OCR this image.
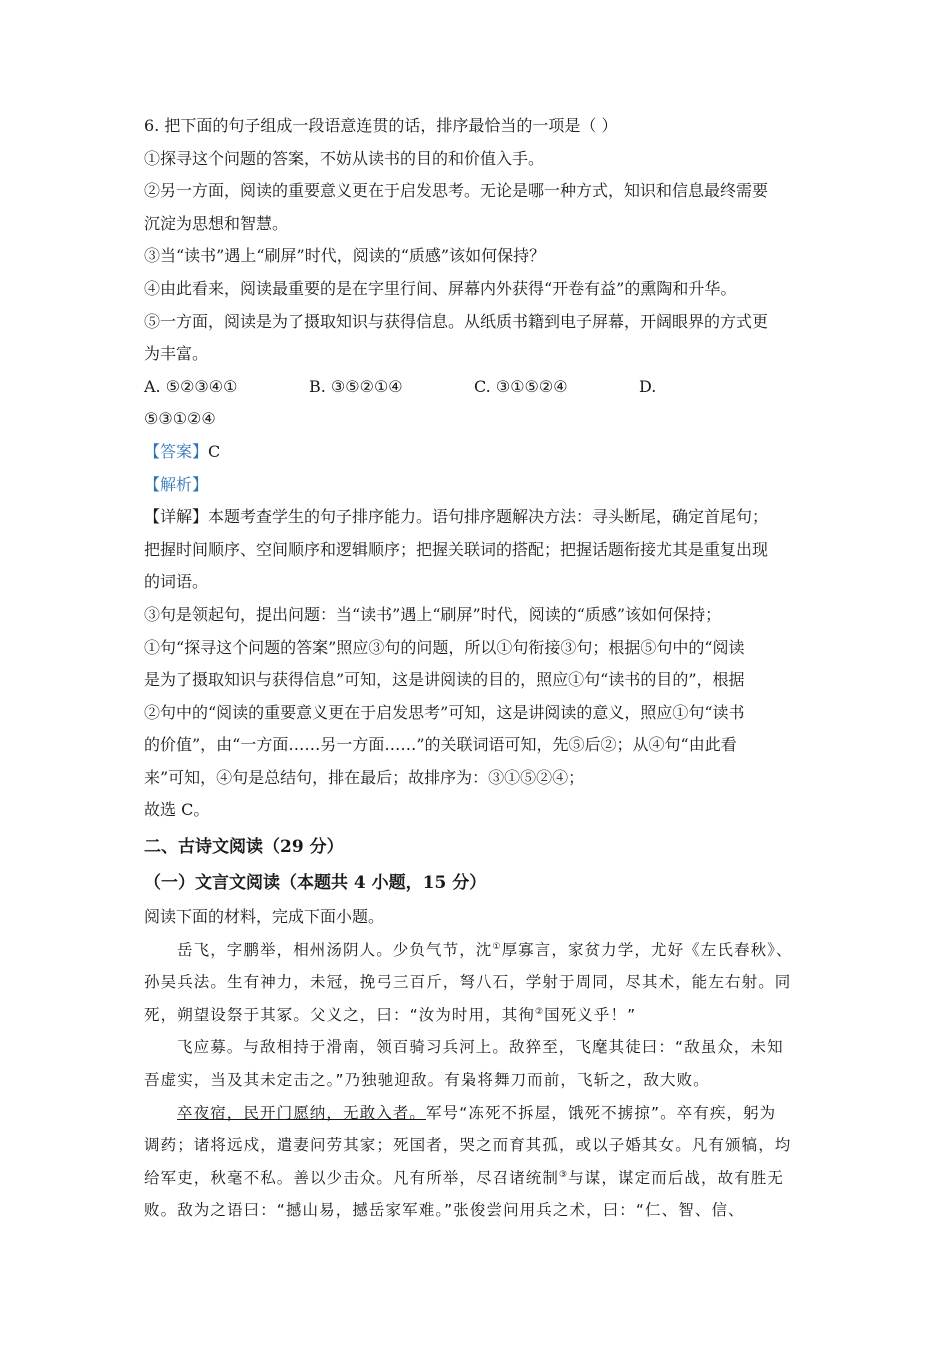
6. 把下面的句子组成一段语意连贯的话，排序最恰当的一项是（ ）
①探寻这个问题的答案，不妨从读书的目的和价值入手。
②另一方面，阅读的重要意义更在于启发思考。无论是哪一种方式，知识和信息最终需要
沉淀为思想和智慧。
③当“读书”遇上“刷屏”时代，阅读的“质感”该如何保持？
④由此看来，阅读最重要的是在字里行间、屏幕内外获得“开卷有益”的熏陶和升华。
⑤一方面，阅读是为了摄取知识与获得信息。从纸质书籍到电子屏幕，开阔眼界的方式更
为丰富。
A. ⑤②③④①	B. ③⑤②①④	C. ③①⑤②④	D.
⑤③①②④
【答案】C
【解析】
【详解】本题考查学生的句子排序能力。语句排序题解决方法：寻头断尾，确定首尾句；
把握时间顺序、空间顺序和逻辑顺序；把握关联词的搭配；把握话题衔接尤其是重复出现
的词语。
③句是领起句，提出问题：当“读书”遇上“刷屏”时代，阅读的“质感”该如何保持；
①句“探寻这个问题的答案”照应③句的问题，所以①句衔接③句；根据⑤句中的“阅读
是为了摄取知识与获得信息”可知，这是讲阅读的目的，照应①句“读书的目的”，根据
②句中的“阅读的重要意义更在于启发思考”可知，这是讲阅读的意义，照应①句“读书
的价值”，由“一方面……另一方面……”的关联词语可知，先⑤后②；从④句“由此看
来”可知，④句是总结句，排在最后；故排序为：③①⑤②④；
故选 C。
二、古诗文阅读（29 分）
（一）文言文阅读（本题共 4 小题，15 分）
阅读下面的材料，完成下面小题。
岳飞，字鹏举，相州汤阴人。少负气节，沈①厚寡言，家贫力学，尤好《左氏春秋》、
孙吴兵法。生有神力，未冠，挽弓三百斤，弩八石，学射于周同，尽其术，能左右射。同
死，朔望设祭于其冢。父义之，曰：“汝为时用，其徇②国死义乎！”
飞应募。与敌相持于滑南，领百骑习兵河上。敌猝至，飞麾其徒曰：“敌虽众，未知
吾虚实，当及其未定击之。”乃独驰迎敌。有枭将舞刀而前，飞斩之，敌大败。
卒夜宿，民开门愿纳，无敢入者。军号“冻死不拆屋，饿死不掳掠”。卒有疾，躬为
调药；诸将远戍，遣妻问劳其家；死国者，哭之而育其孤，或以子婚其女。凡有颁犒，均
给军吏，秋毫不私。善以少击众。凡有所举，尽召诸统制③与谋，谋定而后战，故有胜无
败。敌为之语曰：“撼山易，撼岳家军难。”张俊尝问用兵之术，曰：“仁、智、信、
